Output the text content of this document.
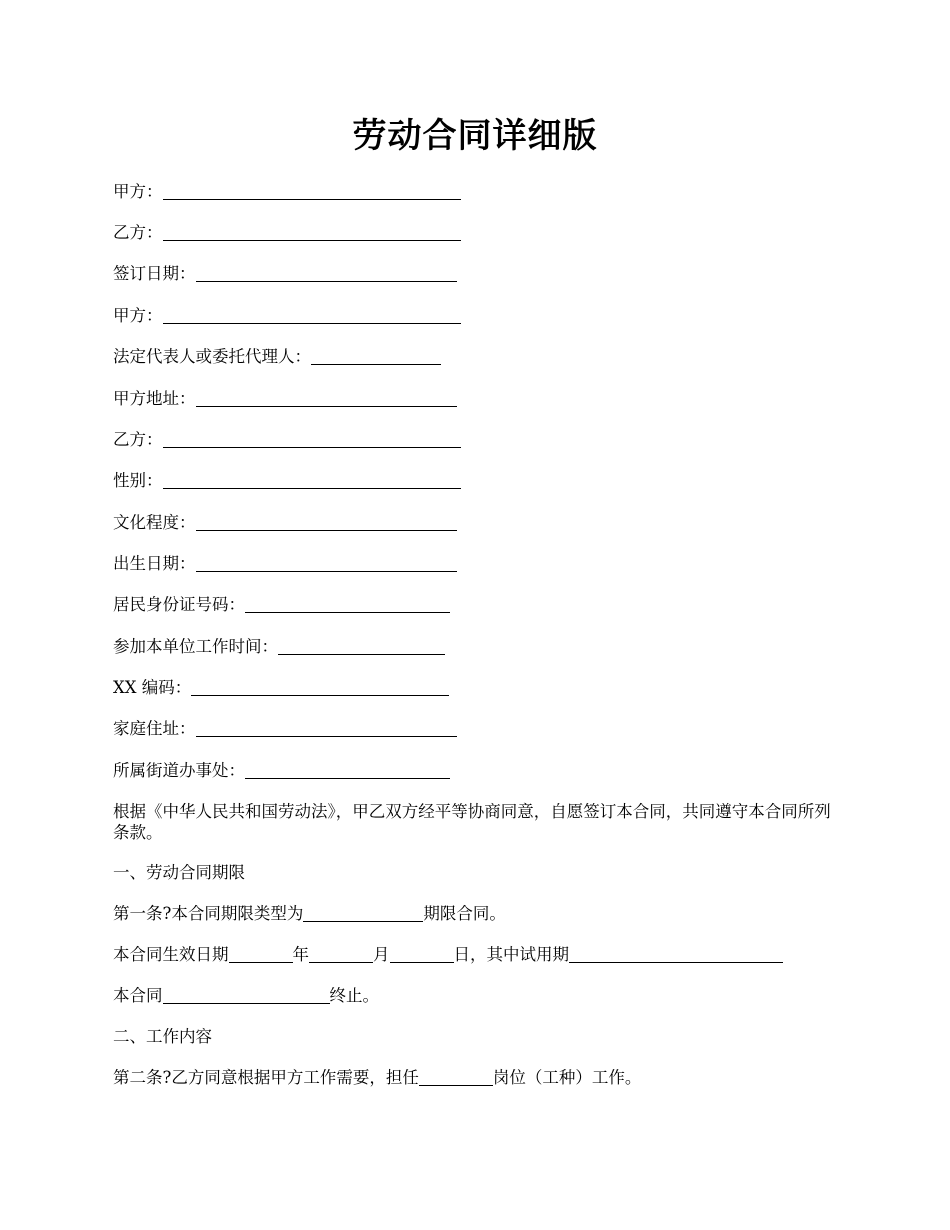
劳动合同详细版
甲方：
乙方：
签订日期：
甲方：
法定代表人或委托代理人：
甲方地址：
乙方：
性别：
文化程度：
出生日期：
居民身份证号码：
参加本单位工作时间：
XX 编码：
家庭住址：
所属街道办事处：
根据《中华人民共和国劳动法》，甲乙双方经平等协商同意，自愿签订本合同，共同遵守本合同所列条款。
一、劳动合同期限
第一条?本合同期限类型为	期限合同。
本合同生效日期	年	月	日，其中试用期
本合同	终止。
二、工作内容
第二条?乙方同意根据甲方工作需要，担任	岗位（工种）工作。
